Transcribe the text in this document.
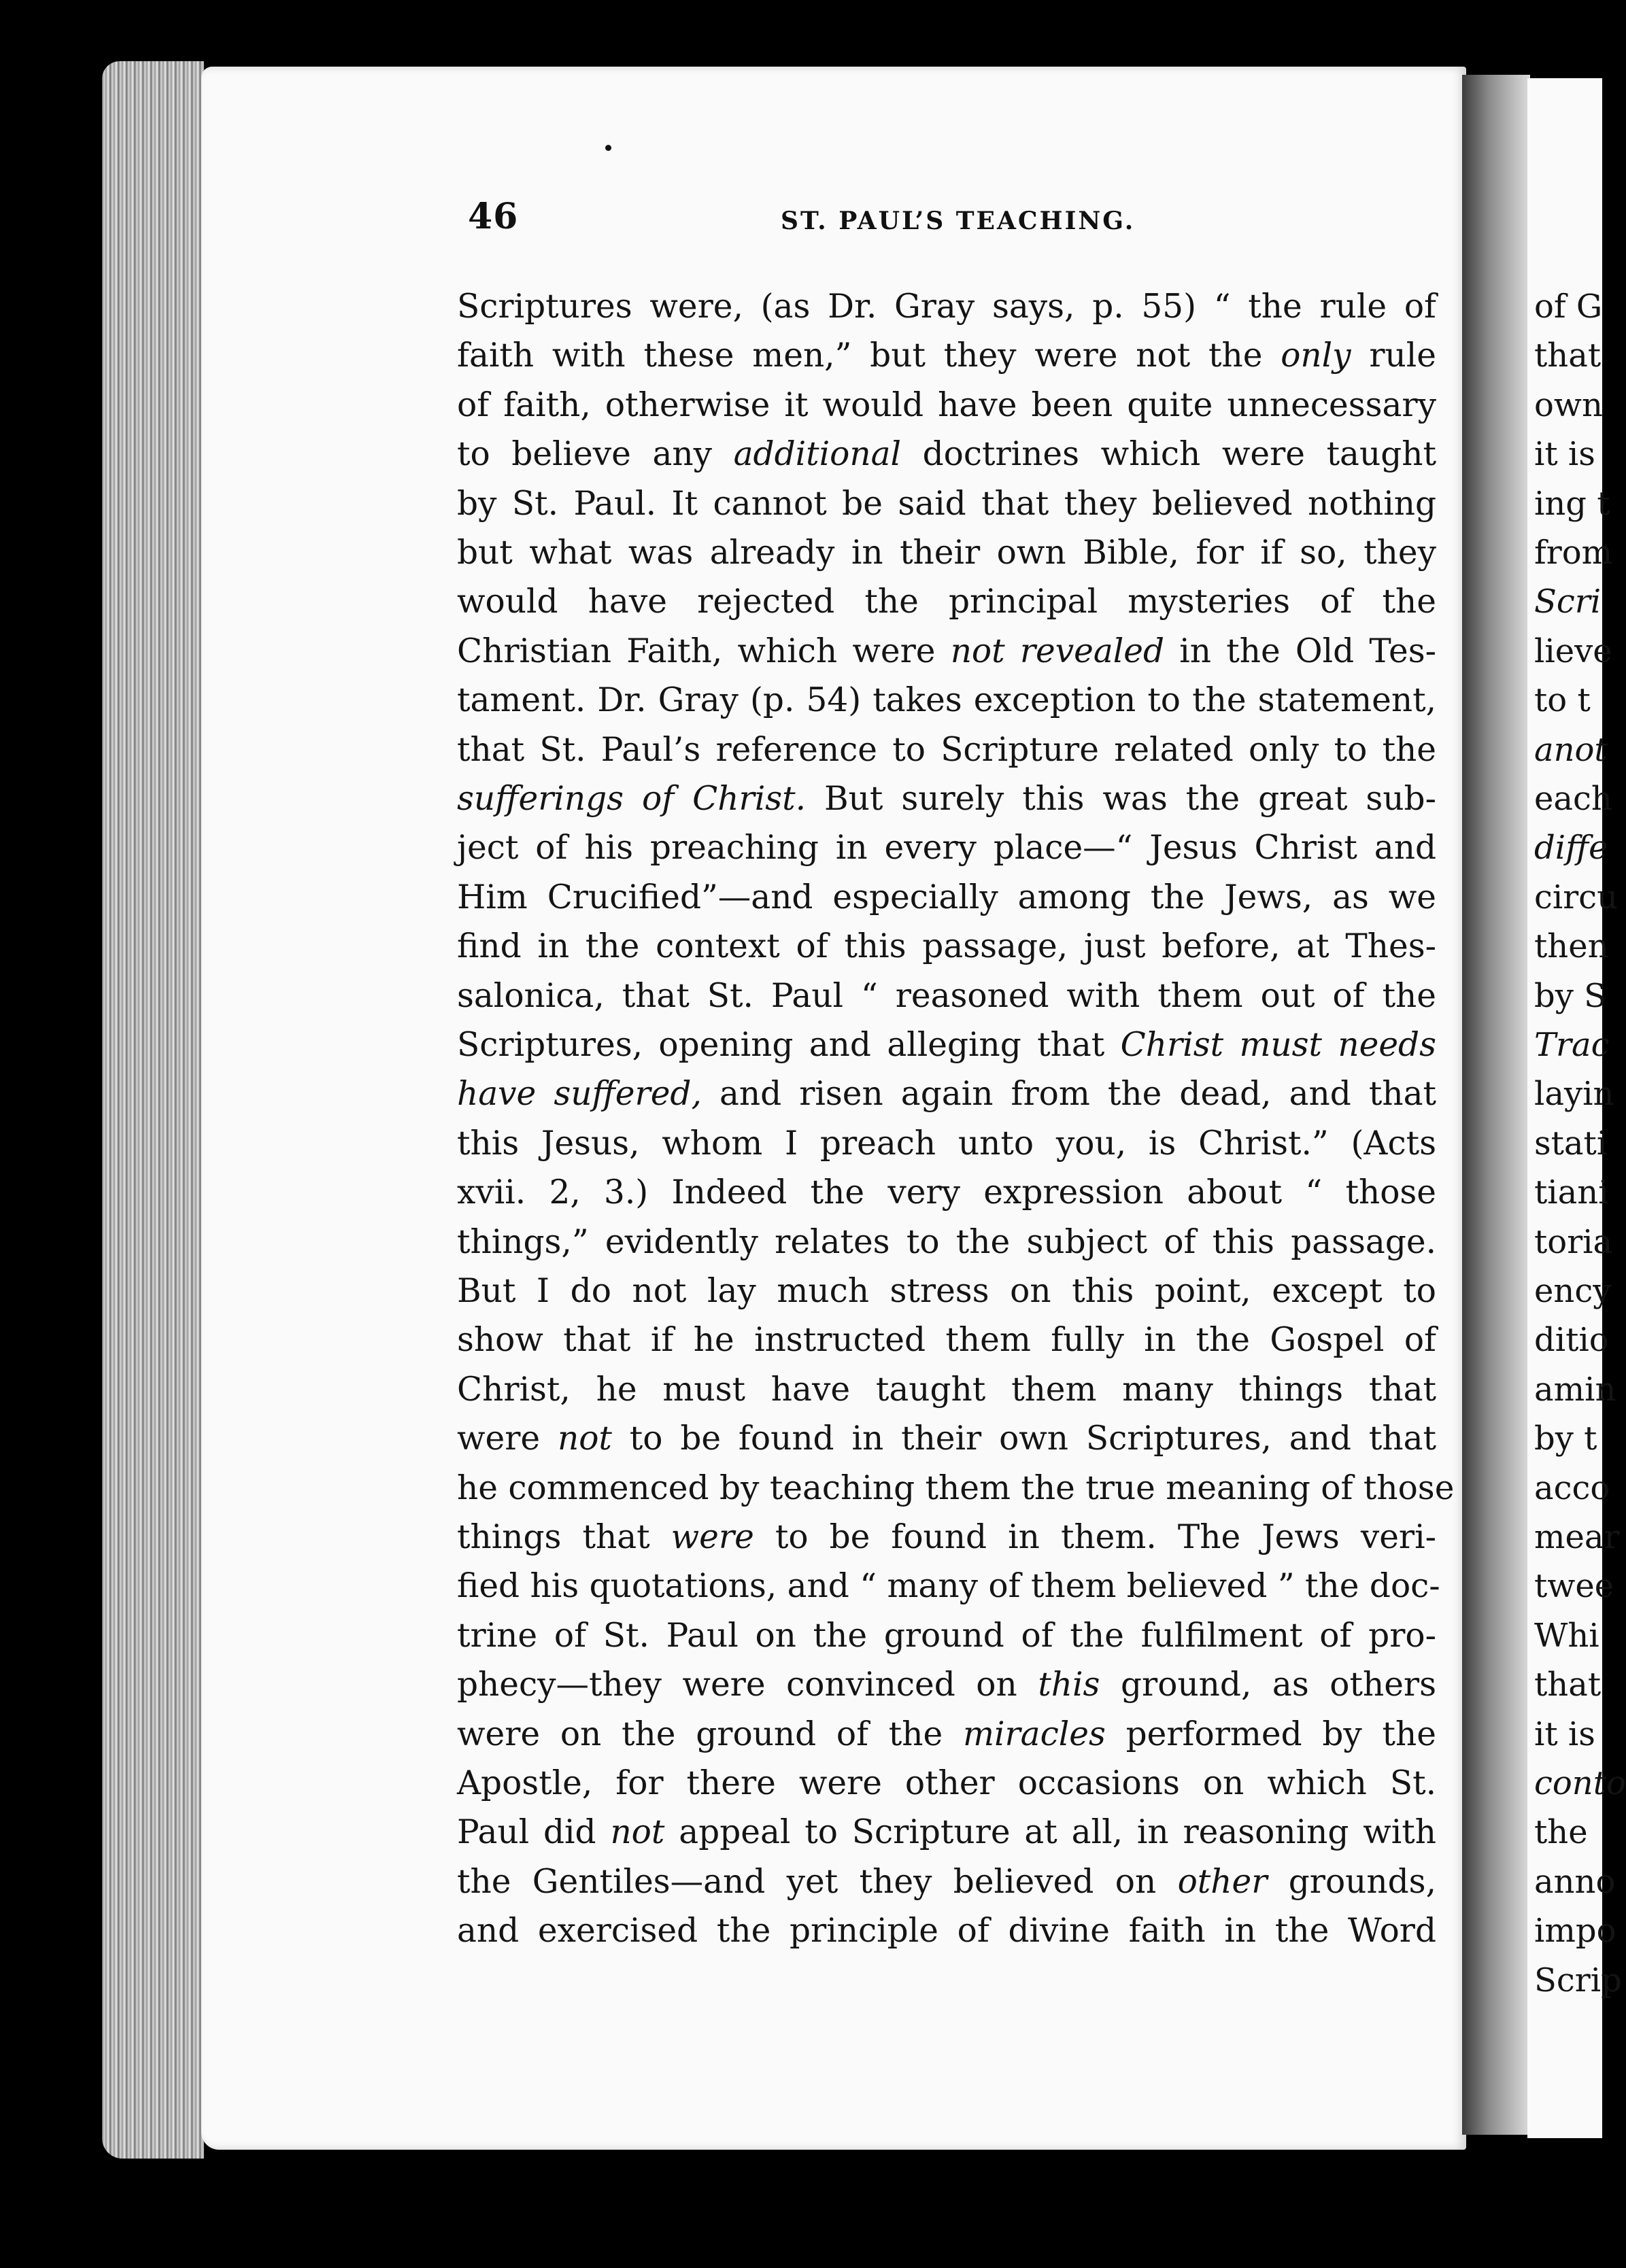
46	ST. PAUL’S TEACHING.
Scriptures were, (as Dr. Gray says, p. 55) “ the rule of
faith with these men,” but they were not the only rule
of faith, otherwise it would have been quite unnecessary
to believe any additional doctrines which were taught
by St. Paul. It cannot be said that they believed nothing
but what was already in their own Bible, for if so, they
would have rejected the principal mysteries of the
Christian Faith, which were not revealed in the Old Tes-
tament. Dr. Gray (p. 54) takes exception to the statement,
that St. Paul’s reference to Scripture related only to the
sufferings of Christ. But surely this was the great sub-
ject of his preaching in every place—“ Jesus Christ and
Him Crucified”—and especially among the Jews, as we
find in the context of this passage, just before, at Thes-
salonica, that St. Paul “ reasoned with them out of the
Scriptures, opening and alleging that Christ must needs
have suffered, and risen again from the dead, and that
this Jesus, whom I preach unto you, is Christ.” (Acts
xvii. 2, 3.) Indeed the very expression about “ those
things,” evidently relates to the subject of this passage.
But I do not lay much stress on this point, except to
show that if he instructed them fully in the Gospel of
Christ, he must have taught them many things that
were not to be found in their own Scriptures, and that
he commenced by teaching them the true meaning of those
things that were to be found in them. The Jews veri-
fied his quotations, and “ many of them believed ” the doc-
trine of St. Paul on the ground of the fulfilment of pro-
phecy—they were convinced on this ground, as others
were on the ground of the miracles performed by the
Apostle, for there were other occasions on which St.
Paul did not appeal to Scripture at all, in reasoning with
the Gentiles—and yet they believed on other grounds,
and exercised the principle of divine faith in the Word
of G
that
own
it is
ing t
from
Scri
lieve
to t
anot
each
diffe
circu
then
by S
Trac
layin
stati
tiani
toria
ency
ditio
amin
by t
acco
mear
twee
Whi
that
it is
conto
the
anno
impo
Scrip
